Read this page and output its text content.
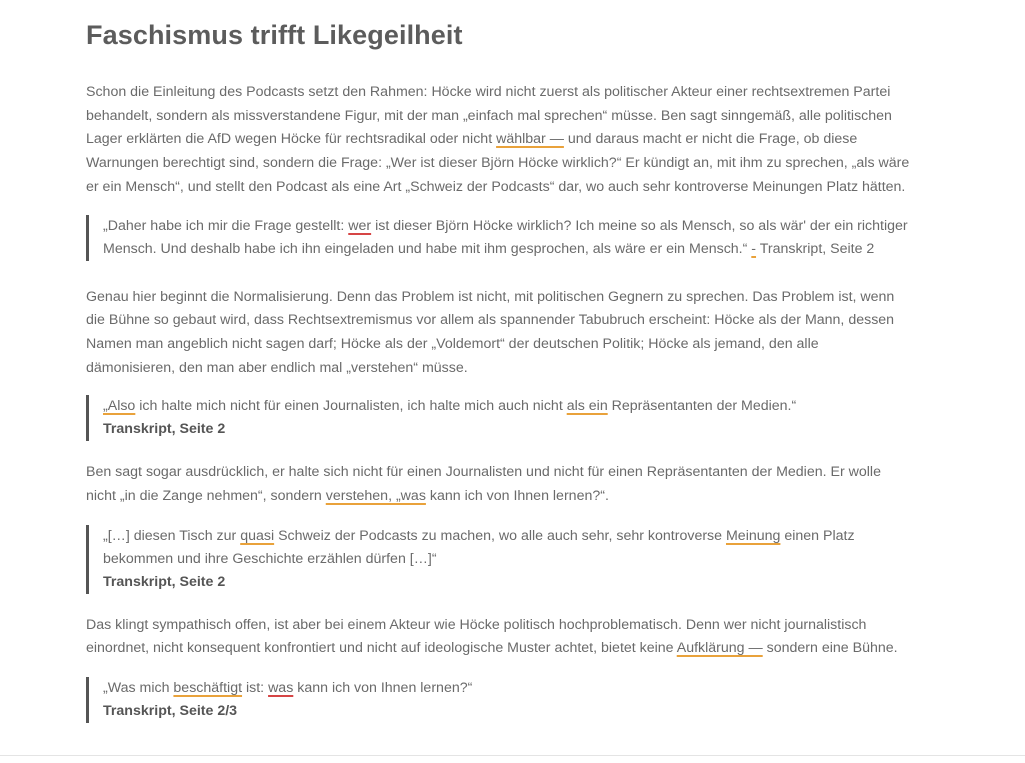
Faschismus trifft Likegeilheit

Schon die Einleitung des Podcasts setzt den Rahmen: Höcke wird nicht zuerst als politischer Akteur einer rechtsextremen Partei behandelt, sondern als missverstandene Figur, mit der man „einfach mal sprechen“ müsse. Ben sagt sinngemäß, alle politischen Lager erklärten die AfD wegen Höcke für rechtsradikal oder nicht wählbar — und daraus macht er nicht die Frage, ob diese Warnungen berechtigt sind, sondern die Frage: „Wer ist dieser Björn Höcke wirklich?“ Er kündigt an, mit ihm zu sprechen, „als wäre er ein Mensch“, und stellt den Podcast als eine Art „Schweiz der Podcasts“ dar, wo auch sehr kontroverse Meinungen Platz hätten.

„Daher habe ich mir die Frage gestellt: wer ist dieser Björn Höcke wirklich? Ich meine so als Mensch, so als wär' der ein richtiger Mensch. Und deshalb habe ich ihn eingeladen und habe mit ihm gesprochen, als wäre er ein Mensch.“ - Transkript, Seite 2

Genau hier beginnt die Normalisierung. Denn das Problem ist nicht, mit politischen Gegnern zu sprechen. Das Problem ist, wenn die Bühne so gebaut wird, dass Rechtsextremismus vor allem als spannender Tabubruch erscheint: Höcke als der Mann, dessen Namen man angeblich nicht sagen darf; Höcke als der „Voldemort“ der deutschen Politik; Höcke als jemand, den alle dämonisieren, den man aber endlich mal „verstehen“ müsse.

„Also ich halte mich nicht für einen Journalisten, ich halte mich auch nicht als ein Repräsentanten der Medien.“
Transkript, Seite 2

Ben sagt sogar ausdrücklich, er halte sich nicht für einen Journalisten und nicht für einen Repräsentanten der Medien. Er wolle nicht „in die Zange nehmen“, sondern verstehen, „was kann ich von Ihnen lernen?“.

„[…] diesen Tisch zur quasi Schweiz der Podcasts zu machen, wo alle auch sehr, sehr kontroverse Meinung einen Platz bekommen und ihre Geschichte erzählen dürfen […]“
Transkript, Seite 2

Das klingt sympathisch offen, ist aber bei einem Akteur wie Höcke politisch hochproblematisch. Denn wer nicht journalistisch einordnet, nicht konsequent konfrontiert und nicht auf ideologische Muster achtet, bietet keine Aufklärung — sondern eine Bühne.

„Was mich beschäftigt ist: was kann ich von Ihnen lernen?“
Transkript, Seite 2/3
